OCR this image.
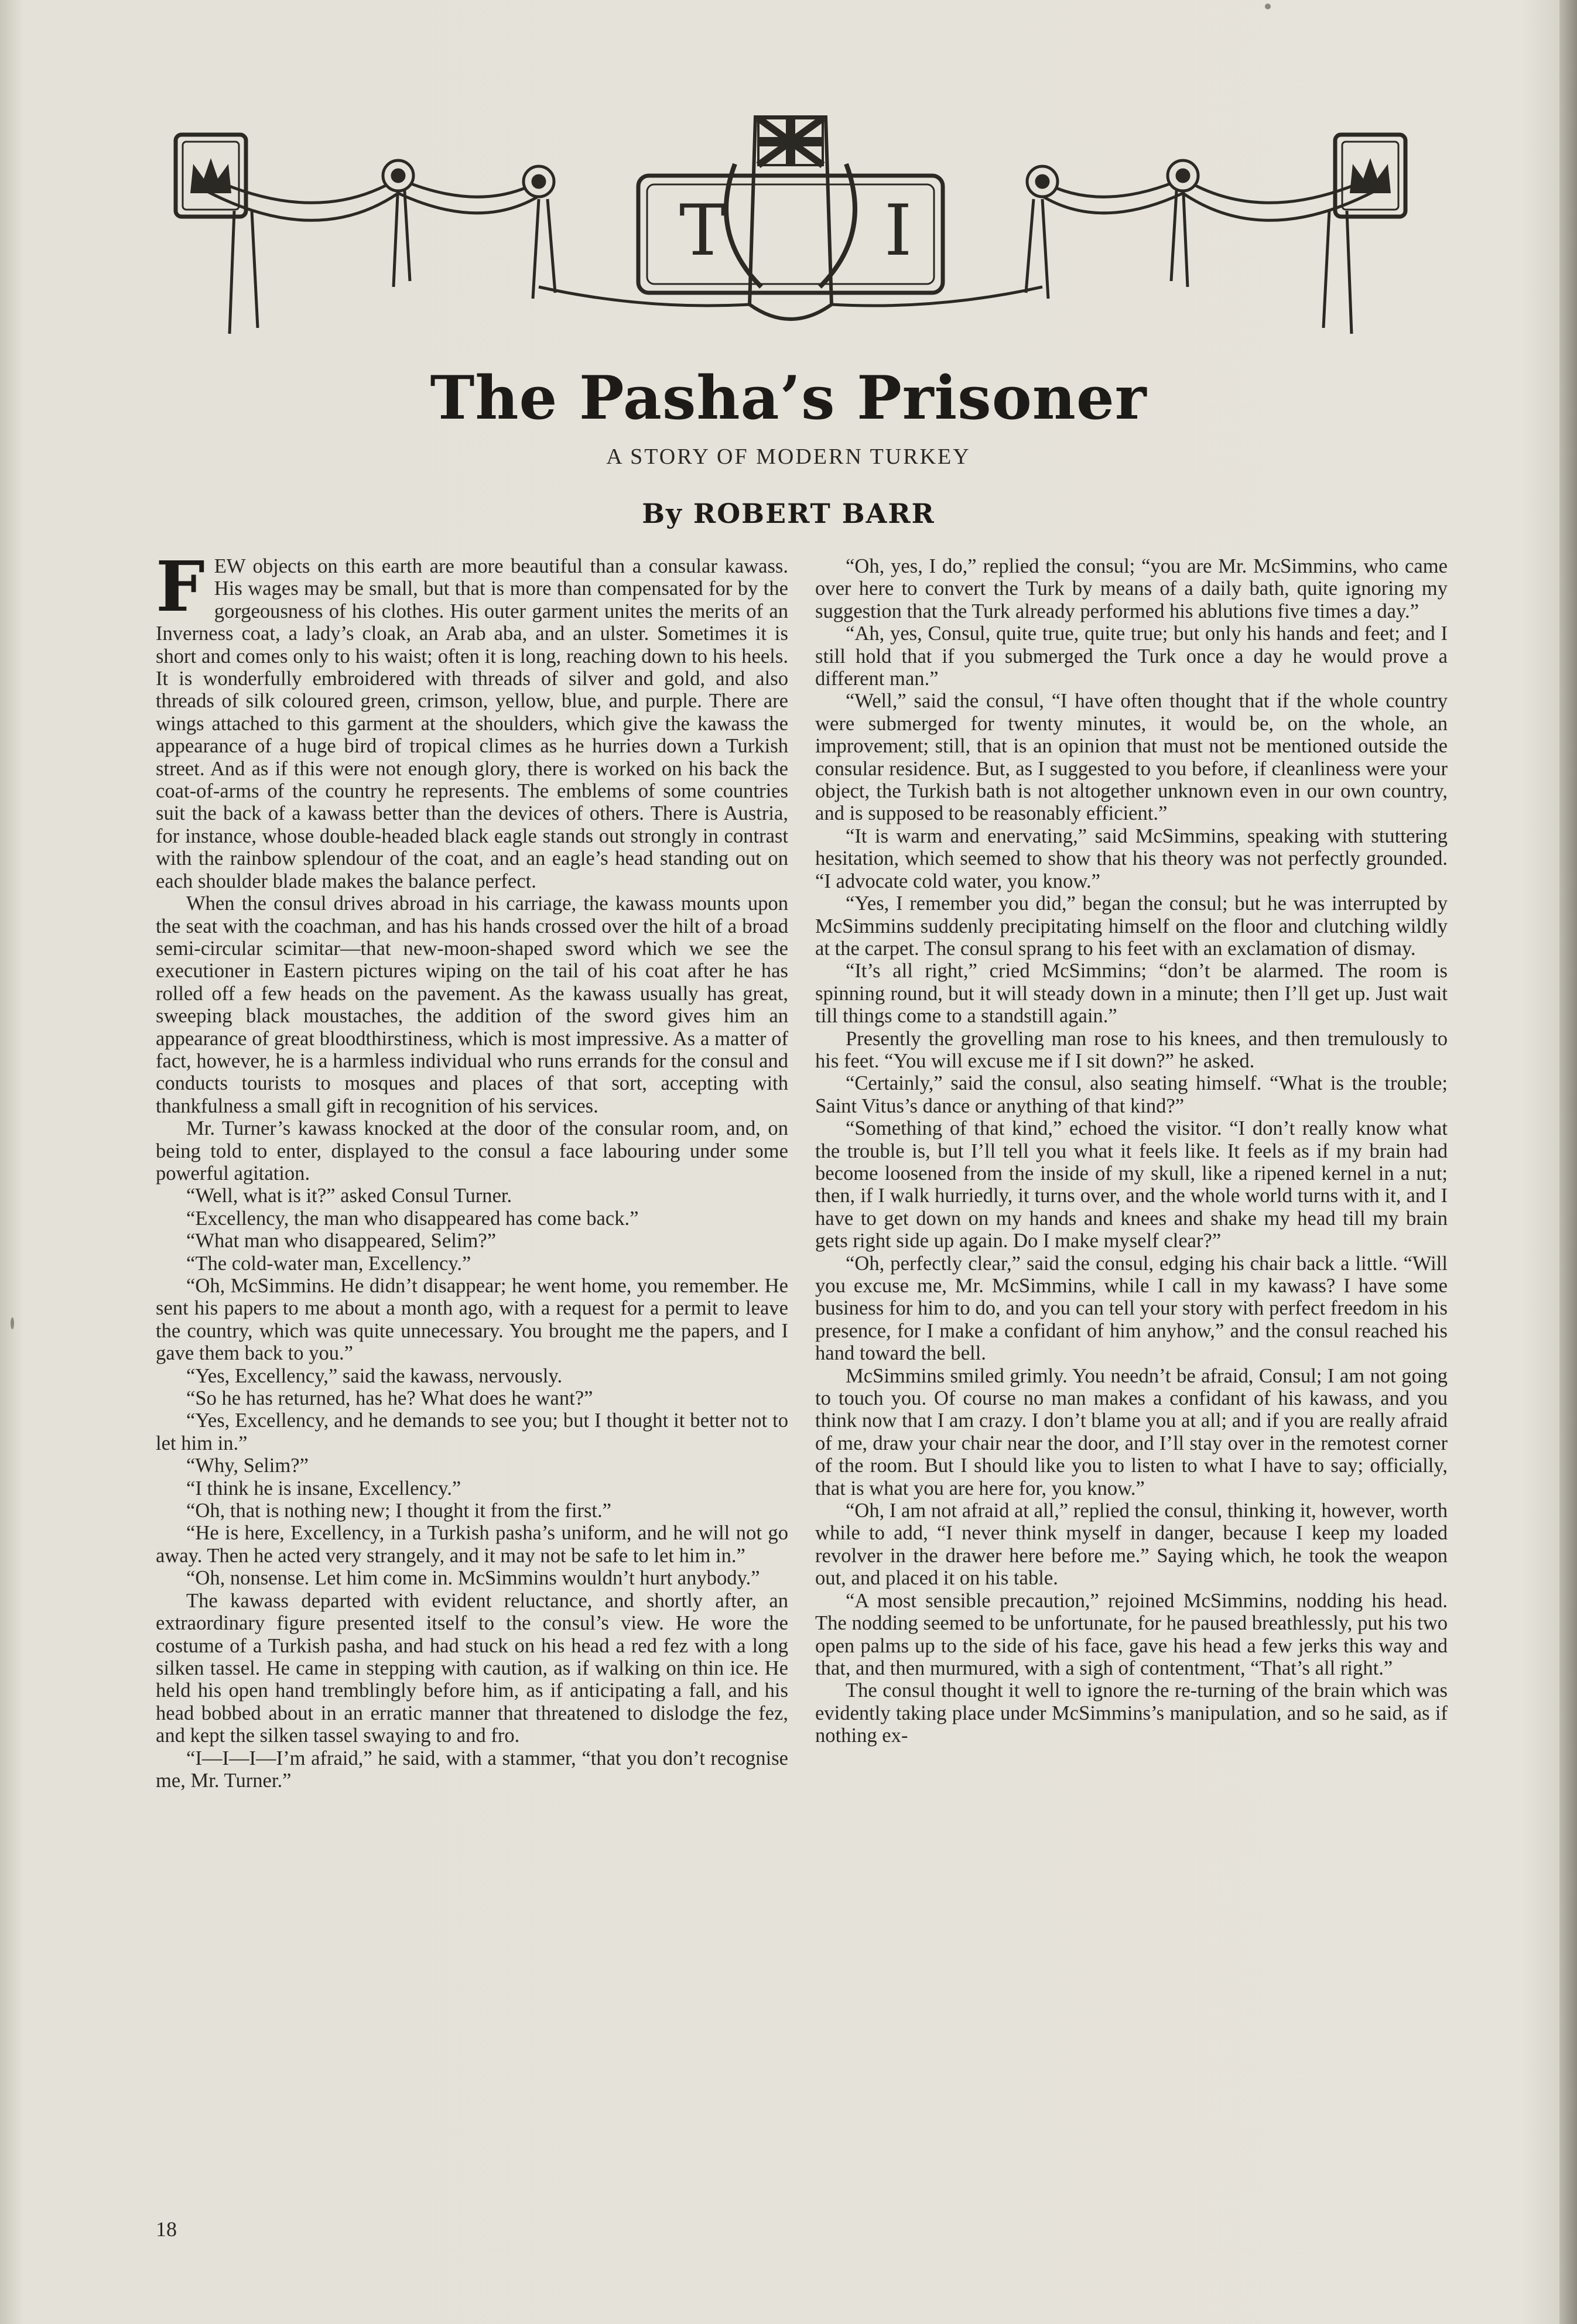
T I
The Pasha’s Prisoner
A STORY OF MODERN TURKEY
By ROBERT BARR

FEW objects on this earth are more beautiful than a consular kawass. His wages may be small, but that is more than compensated for by the gorgeousness of his clothes. His outer garment unites the merits of an Inverness coat, a lady’s cloak, an Arab aba, and an ulster. Sometimes it is short and comes only to his waist; often it is long, reaching down to his heels. It is wonderfully embroidered with threads of silver and gold, and also threads of silk coloured green, crimson, yellow, blue, and purple. There are wings attached to this garment at the shoulders, which give the kawass the appearance of a huge bird of tropical climes as he hurries down a Turkish street. And as if this were not enough glory, there is worked on his back the coat-of-arms of the country he represents. The emblems of some countries suit the back of a kawass better than the devices of others. There is Austria, for instance, whose double-headed black eagle stands out strongly in contrast with the rainbow splendour of the coat, and an eagle’s head standing out on each shoulder blade makes the balance perfect.

When the consul drives abroad in his carriage, the kawass mounts upon the seat with the coachman, and has his hands crossed over the hilt of a broad semi-circular scimitar—that new-moon-shaped sword which we see the executioner in Eastern pictures wiping on the tail of his coat after he has rolled off a few heads on the pavement. As the kawass usually has great, sweeping black moustaches, the addition of the sword gives him an appearance of great bloodthirstiness, which is most impressive. As a matter of fact, however, he is a harmless individual who runs errands for the consul and conducts tourists to mosques and places of that sort, accepting with thankfulness a small gift in recognition of his services.

Mr. Turner’s kawass knocked at the door of the consular room, and, on being told to enter, displayed to the consul a face labouring under some powerful agitation.

“Well, what is it?” asked Consul Turner.

“Excellency, the man who disappeared has come back.”

“What man who disappeared, Selim?”

“The cold-water man, Excellency.”

“Oh, McSimmins. He didn’t disappear; he went home, you remember. He sent his papers to me about a month ago, with a request for a permit to leave the country, which was quite unnecessary. You brought me the papers, and I gave them back to you.”

“Yes, Excellency,” said the kawass, nervously.

“So he has returned, has he? What does he want?”

“Yes, Excellency, and he demands to see you; but I thought it better not to let him in.”

“Why, Selim?”

“I think he is insane, Excellency.”

“Oh, that is nothing new; I thought it from the first.”

“He is here, Excellency, in a Turkish pasha’s uniform, and he will not go away. Then he acted very strangely, and it may not be safe to let him in.”

“Oh, nonsense. Let him come in. McSimmins wouldn’t hurt anybody.”

The kawass departed with evident reluctance, and shortly after, an extraordinary figure presented itself to the consul’s view. He wore the costume of a Turkish pasha, and had stuck on his head a red fez with a long silken tassel. He came in stepping with caution, as if walking on thin ice. He held his open hand tremblingly before him, as if anticipating a fall, and his head bobbed about in an erratic manner that threatened to dislodge the fez, and kept the silken tassel swaying to and fro.

“I—I—I—I’m afraid,” he said, with a stammer, “that you don’t recognise me, Mr. Turner.”

“Oh, yes, I do,” replied the consul; “you are Mr. McSimmins, who came over here to convert the Turk by means of a daily bath, quite ignoring my suggestion that the Turk already performed his ablutions five times a day.”

“Ah, yes, Consul, quite true, quite true; but only his hands and feet; and I still hold that if you submerged the Turk once a day he would prove a different man.”

“Well,” said the consul, “I have often thought that if the whole country were submerged for twenty minutes, it would be, on the whole, an improvement; still, that is an opinion that must not be mentioned outside the consular residence. But, as I suggested to you before, if cleanliness were your object, the Turkish bath is not altogether unknown even in our own country, and is supposed to be reasonably efficient.”

“It is warm and enervating,” said McSimmins, speaking with stuttering hesitation, which seemed to show that his theory was not perfectly grounded. “I advocate cold water, you know.”

“Yes, I remember you did,” began the consul; but he was interrupted by McSimmins suddenly precipitating himself on the floor and clutching wildly at the carpet. The consul sprang to his feet with an exclamation of dismay.

“It’s all right,” cried McSimmins; “don’t be alarmed. The room is spinning round, but it will steady down in a minute; then I’ll get up. Just wait till things come to a standstill again.”

Presently the grovelling man rose to his knees, and then tremulously to his feet. “You will excuse me if I sit down?” he asked.

“Certainly,” said the consul, also seating himself. “What is the trouble; Saint Vitus’s dance or anything of that kind?”

“Something of that kind,” echoed the visitor. “I don’t really know what the trouble is, but I’ll tell you what it feels like. It feels as if my brain had become loosened from the inside of my skull, like a ripened kernel in a nut; then, if I walk hurriedly, it turns over, and the whole world turns with it, and I have to get down on my hands and knees and shake my head till my brain gets right side up again. Do I make myself clear?”

“Oh, perfectly clear,” said the consul, edging his chair back a little. “Will you excuse me, Mr. McSimmins, while I call in my kawass? I have some business for him to do, and you can tell your story with perfect freedom in his presence, for I make a confidant of him anyhow,” and the consul reached his hand toward the bell.

McSimmins smiled grimly. You needn’t be afraid, Consul; I am not going to touch you. Of course no man makes a confidant of his kawass, and you think now that I am crazy. I don’t blame you at all; and if you are really afraid of me, draw your chair near the door, and I’ll stay over in the remotest corner of the room. But I should like you to listen to what I have to say; officially, that is what you are here for, you know.”

“Oh, I am not afraid at all,” replied the consul, thinking it, however, worth while to add, “I never think myself in danger, because I keep my loaded revolver in the drawer here before me.” Saying which, he took the weapon out, and placed it on his table.

“A most sensible precaution,” rejoined McSimmins, nodding his head. The nodding seemed to be unfortunate, for he paused breathlessly, put his two open palms up to the side of his face, gave his head a few jerks this way and that, and then murmured, with a sigh of contentment, “That’s all right.”

The consul thought it well to ignore the re-turning of the brain which was evidently taking place under McSimmins’s manipulation, and so he said, as if nothing ex-

18
